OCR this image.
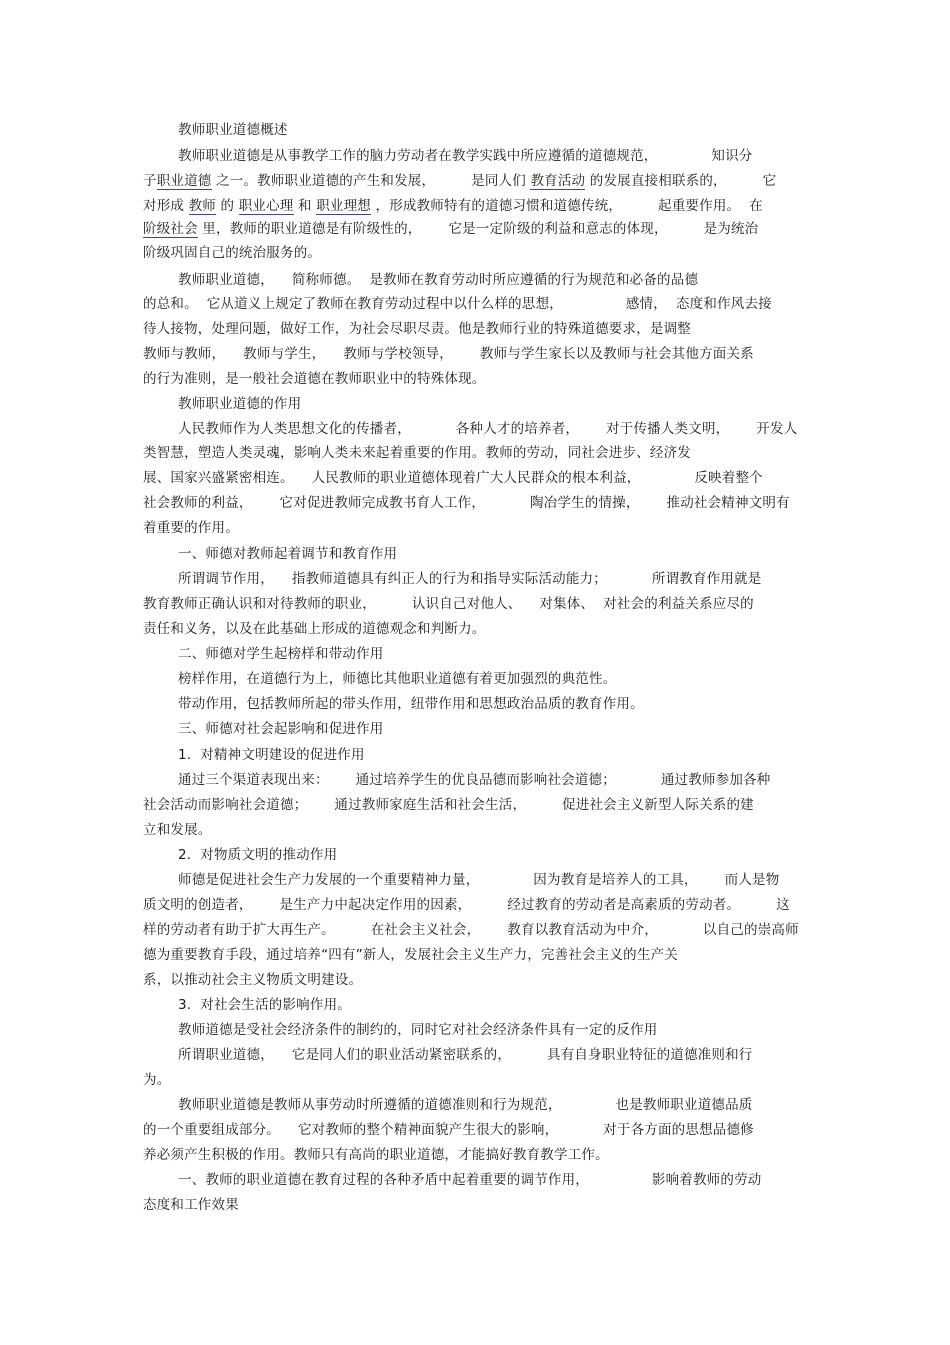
教师职业道德概述
教师职业道德是从事教学工作的脑力劳动者在教学实践中所应遵循的道德规范，            知识分
子职业道德 之一。教师职业道德的产生和发展，        是同人们 教育活动 的发展直接相联系的，        它
对形成 教师 的 职业心理 和 职业理想 ，形成教师特有的道德习惯和道德传统，        起重要作用。  在
阶级社会 里，教师的职业道德是有阶级性的，      它是一定阶级的利益和意志的体现，        是为统治
阶级巩固自己的统治服务的。
教师职业道德，    简称师德。  是教师在教育劳动时所应遵循的行为规范和必备的品德
的总和。  它从道义上规定了教师在教育劳动过程中以什么样的思想，              感情，  态度和作风去接
待人接物，处理问题，做好工作，为社会尽职尽责。他是教师行业的特殊道德要求，是调整
教师与教师，    教师与学生，    教师与学校领导，      教师与学生家长以及教师与社会其他方面关系
的行为准则，是一般社会道德在教师职业中的特殊体现。
教师职业道德的作用
人民教师作为人类思想文化的传播者，          各种人才的培养者，      对于传播人类文明，      开发人
类智慧，塑造人类灵魂，影响人类未来起着重要的作用。教师的劳动，同社会进步、经济发
展、国家兴盛紧密相连。    人民教师的职业道德体现着广大人民群众的根本利益，            反映着整个
社会教师的利益，      它对促进教师完成教书育人工作，          陶冶学生的情操，      推动社会精神文明有
着重要的作用。
一、师德对教师起着调节和教育作用
所谓调节作用，    指教师道德具有纠正人的行为和指导实际活动能力；          所谓教育作用就是
教育教师正确认识和对待教师的职业，        认识自己对他人、    对集体、  对社会的利益关系应尽的
责任和义务，以及在此基础上形成的道德观念和判断力。
二、师德对学生起榜样和带动作用
榜样作用，在道德行为上，师德比其他职业道德有着更加强烈的典范性。
带动作用，包括教师所起的带头作用，纽带作用和思想政治品质的教育作用。
三、师德对社会起影响和促进作用
1.  对精神文明建设的促进作用
通过三个渠道表现出来：      通过培养学生的优良品德而影响社会道德；          通过教师参加各种
社会活动而影响社会道德；      通过教师家庭生活和社会生活，        促进社会主义新型人际关系的建
立和发展。
2.  对物质文明的推动作用
师德是促进社会生产力发展的一个重要精神力量，            因为教育是培养人的工具，      而人是物
质文明的创造者，      是生产力中起决定作用的因素，        经过教育的劳动者是高素质的劳动者。        这
样的劳动者有助于扩大再生产。        在社会主义社会，      教育以教育活动为中介，          以自己的崇高师
德为重要教育手段，通过培养“四有”新人，发展社会主义生产力，完善社会主义的生产关
系，以推动社会主义物质文明建设。
3.  对社会生活的影响作用。
教师道德是受社会经济条件的制约的，同时它对社会经济条件具有一定的反作用
所谓职业道德，    它是同人们的职业活动紧密联系的，        具有自身职业特征的道德准则和行
为。
教师职业道德是教师从事劳动时所遵循的道德准则和行为规范，            也是教师职业道德品质
的一个重要组成部分。    它对教师的整个精神面貌产生很大的影响，          对于各方面的思想品德修
养必须产生积极的作用。教师只有高尚的职业道德，才能搞好教育教学工作。
一、教师的职业道德在教育过程的各种矛盾中起着重要的调节作用，              影响着教师的劳动
态度和工作效果
